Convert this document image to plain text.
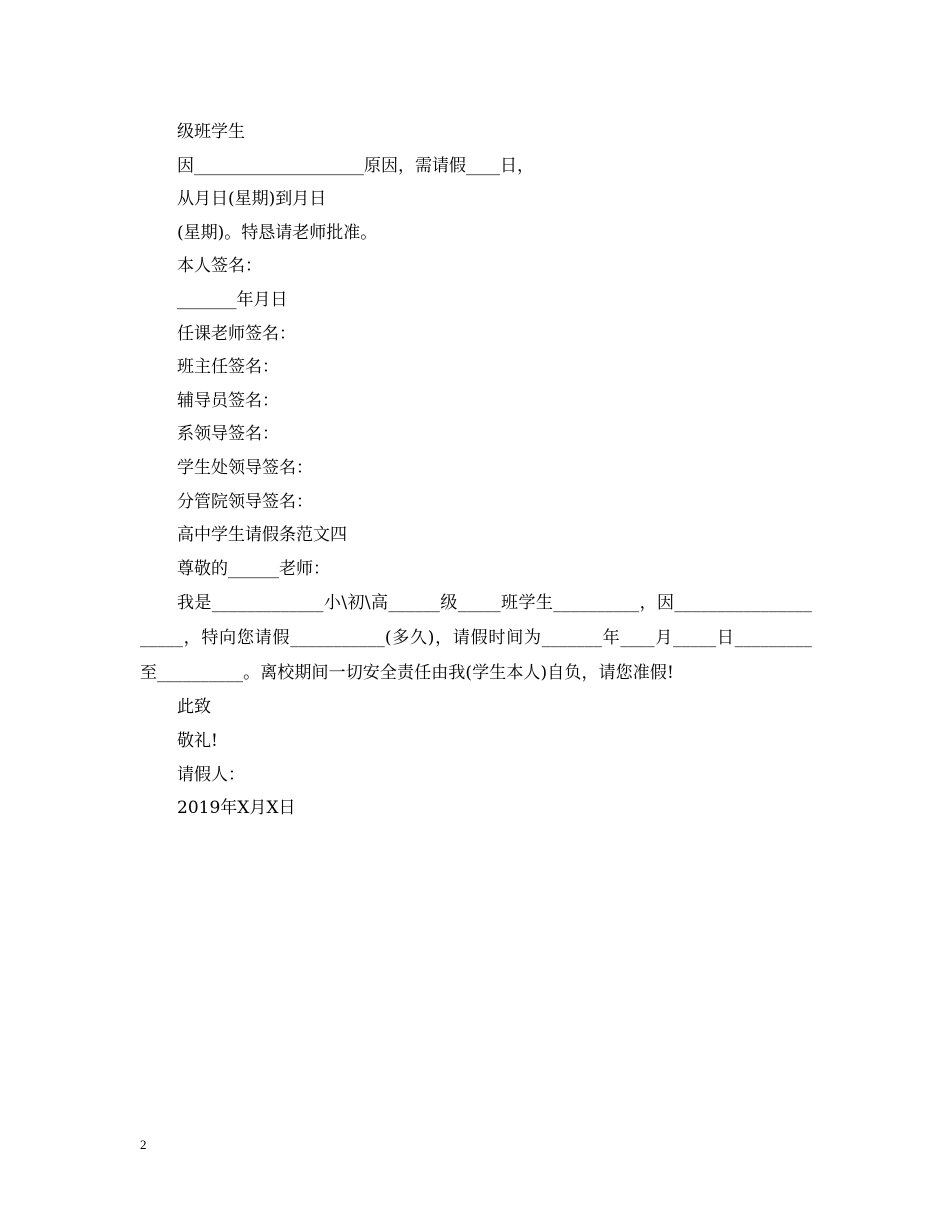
级班学生
因____________________原因，需请假____日，
从月日(星期)到月日
(星期)。特恳请老师批准。
本人签名：
_______年月日
任课老师签名：
班主任签名：
辅导员签名：
系领导签名：
学生处领导签名：
分管院领导签名：
高中学生请假条范文四
尊敬的______老师：

我是_____________小\初\高______级_____班学生__________，因_____________________，特向您请假___________(多久)，请假时间为_______年____月_____日_________至__________。离校期间一切安全责任由我(学生本人)自负，请您准假!

此致
敬礼!
请假人：
2019年X月X日
2
